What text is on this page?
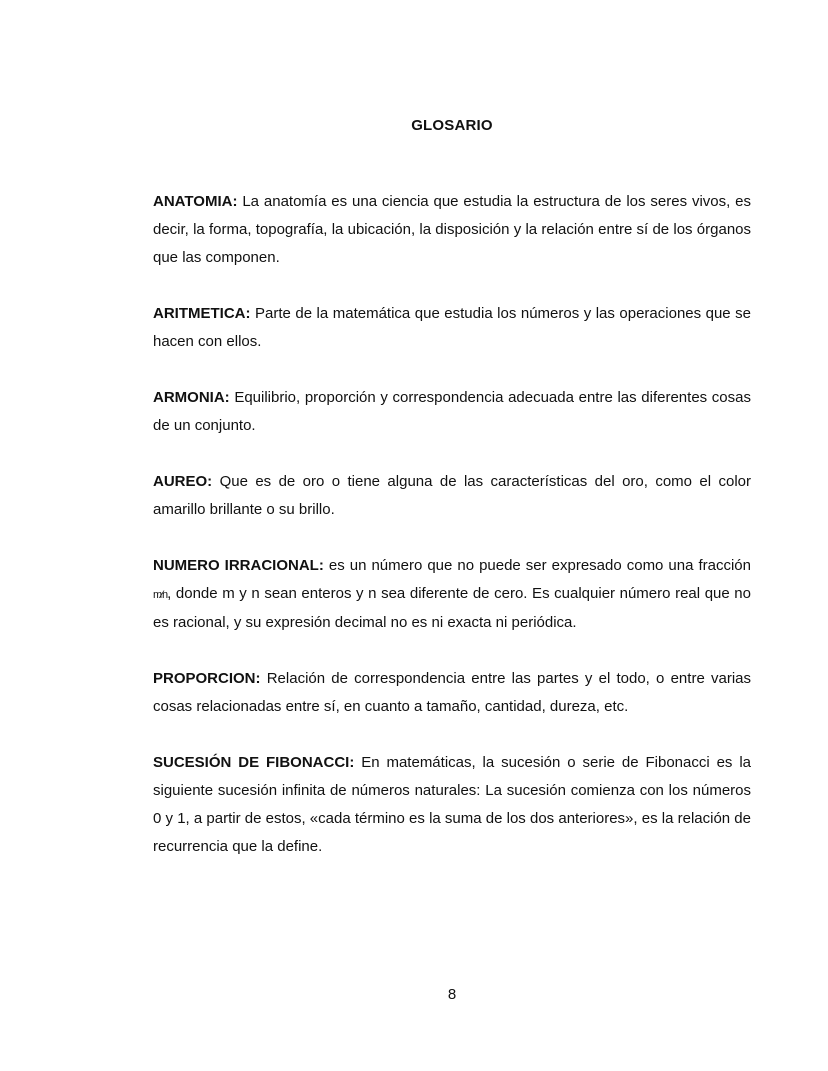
GLOSARIO

ANATOMIA: La anatomía es una ciencia que estudia la estructura de los seres vivos, es decir, la forma, topografía, la ubicación, la disposición y la relación entre sí de los órganos que las componen.

ARITMETICA: Parte de la matemática que estudia los números y las operaciones que se hacen con ellos.

ARMONIA: Equilibrio, proporción y correspondencia adecuada entre las diferentes cosas de un conjunto.

AUREO: Que es de oro o tiene alguna de las características del oro, como el color amarillo brillante o su brillo.

NUMERO IRRACIONAL: es un número que no puede ser expresado como una fracción m⁄n, donde m y n sean enteros y n sea diferente de cero. Es cualquier número real que no es racional, y su expresión decimal no es ni exacta ni periódica.

PROPORCION: Relación de correspondencia entre las partes y el todo, o entre varias cosas relacionadas entre sí, en cuanto a tamaño, cantidad, dureza, etc.

SUCESIÓN DE FIBONACCI: En matemáticas, la sucesión o serie de Fibonacci es la siguiente sucesión infinita de números naturales: La sucesión comienza con los números 0 y 1, a partir de estos, «cada término es la suma de los dos anteriores», es la relación de recurrencia que la define.

8
